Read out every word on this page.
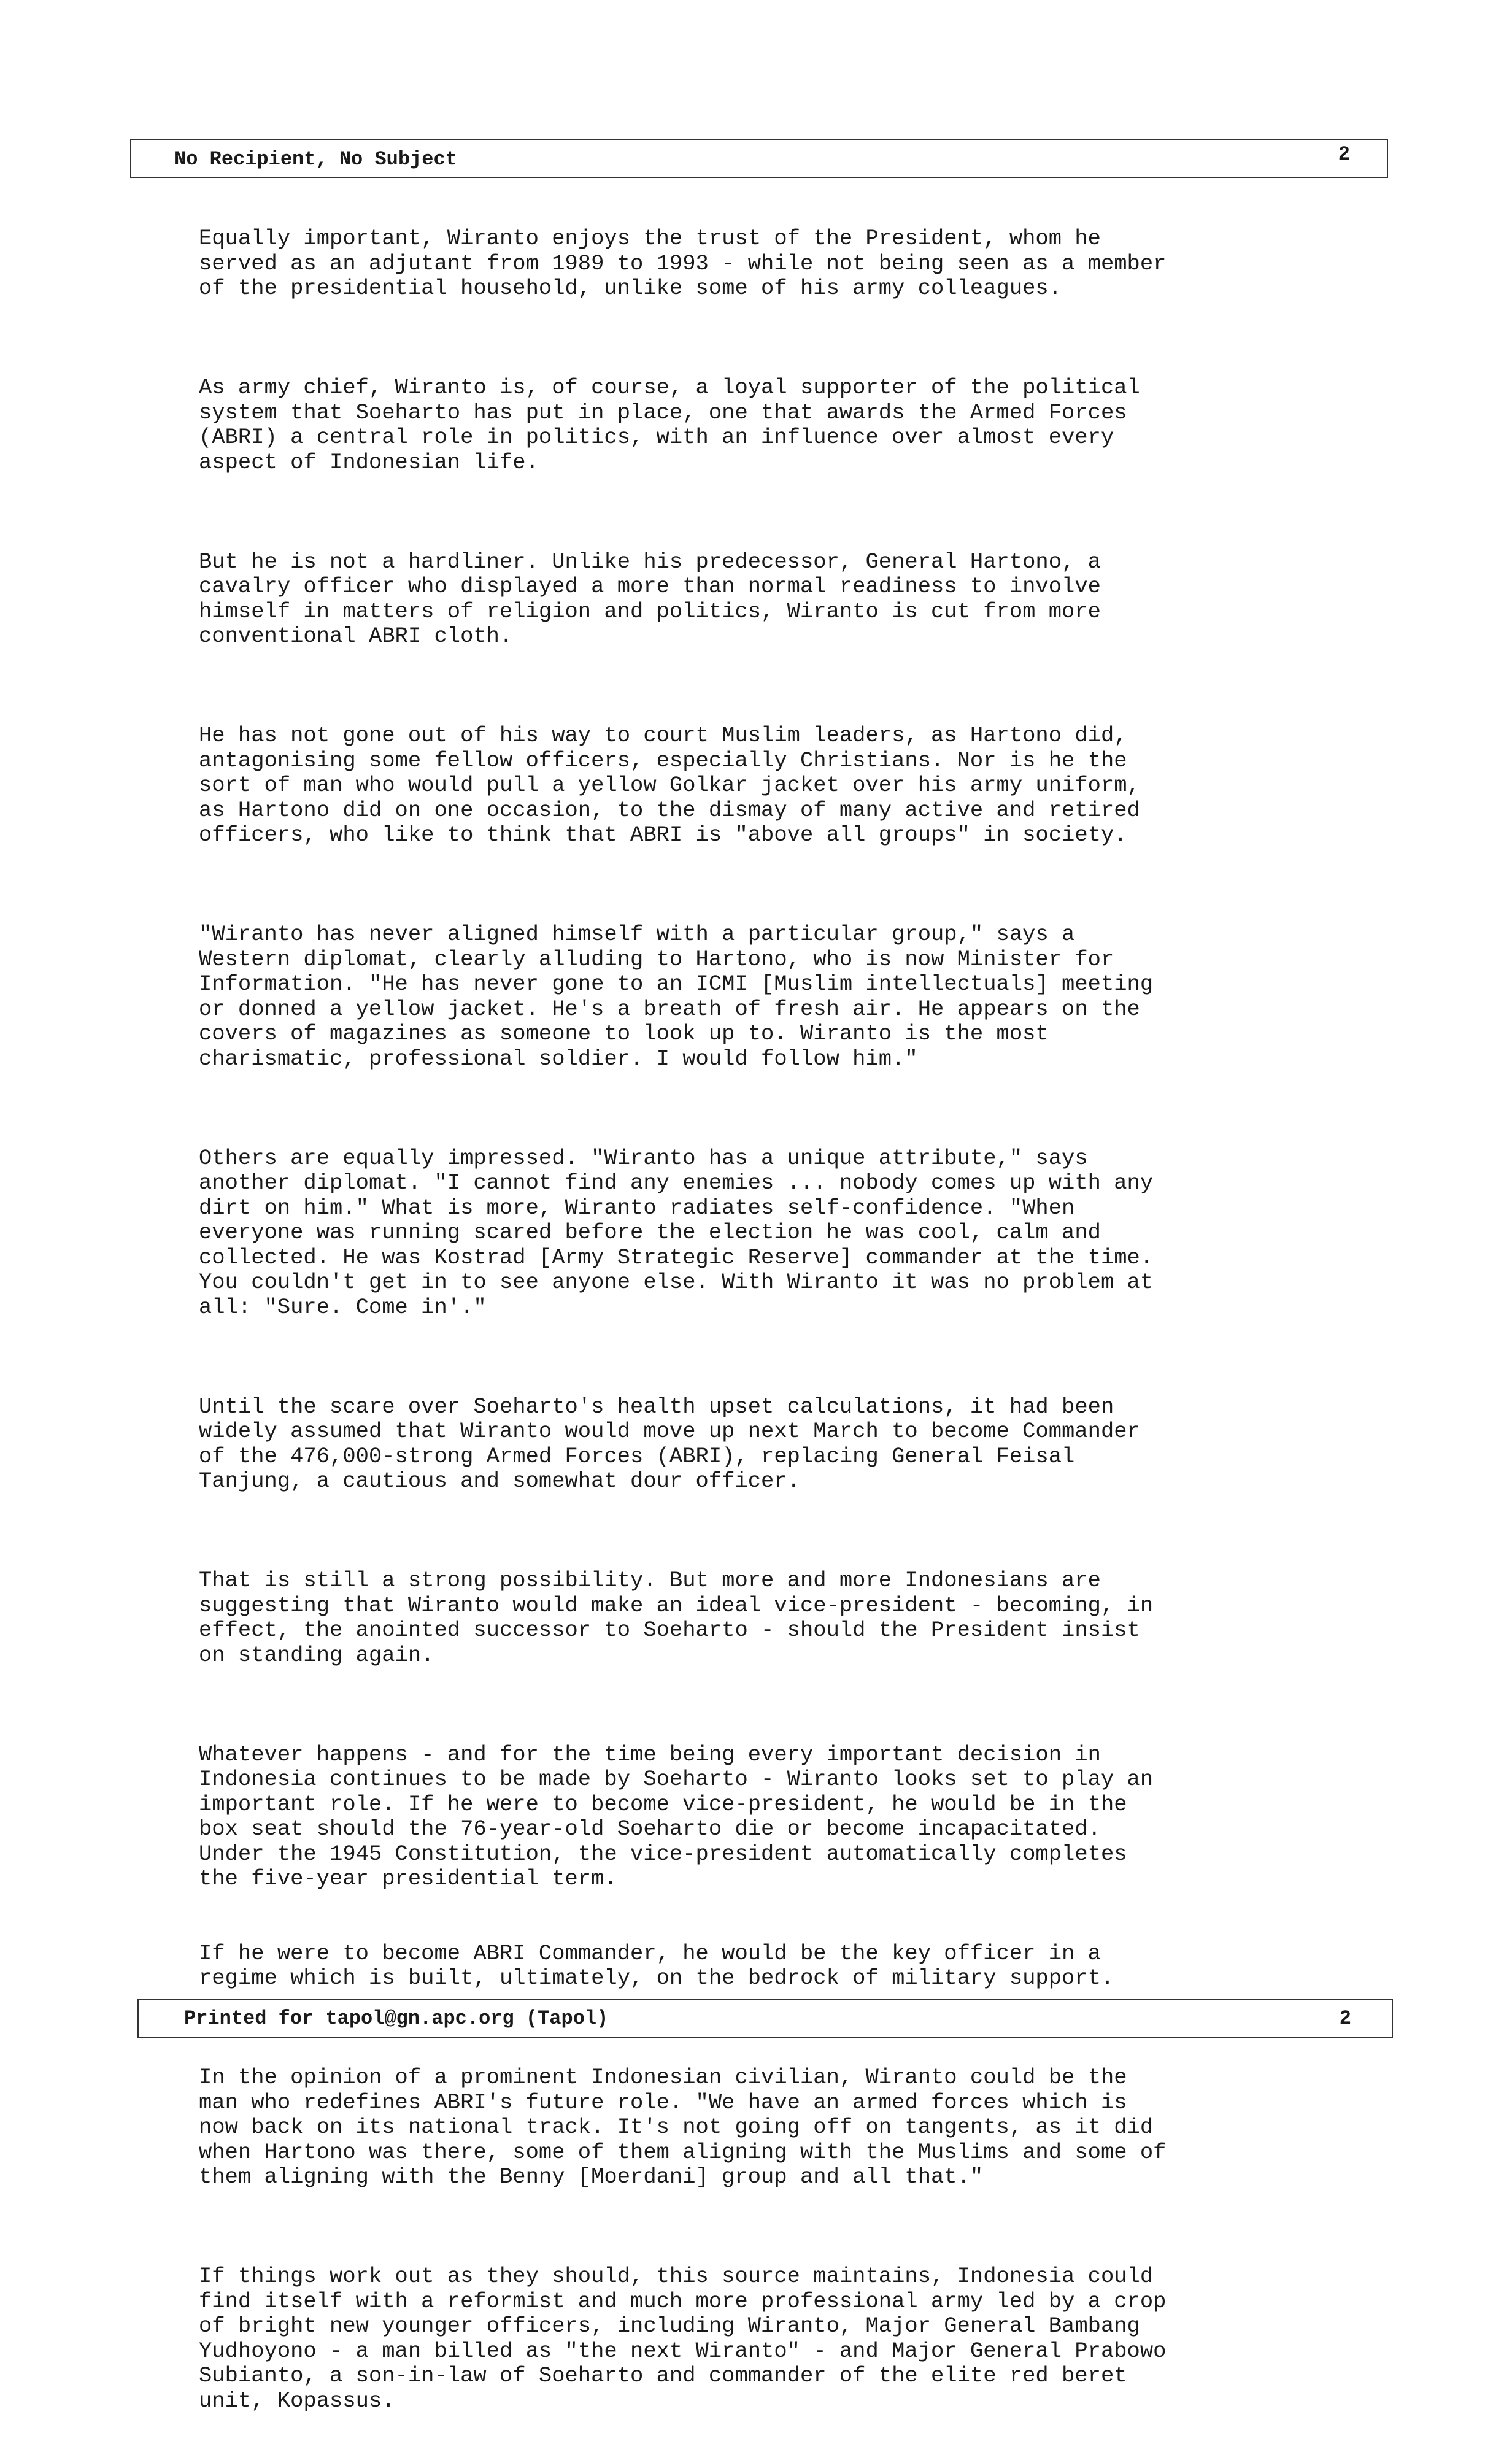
No Recipient, No Subject	2

Equally important, Wiranto enjoys the trust of the President, whom he served as an adjutant from 1989 to 1993 - while not being seen as a member of the presidential household, unlike some of his army colleagues.

As army chief, Wiranto is, of course, a loyal supporter of the political system that Soeharto has put in place, one that awards the Armed Forces (ABRI) a central role in politics, with an influence over almost every aspect of Indonesian life.

But he is not a hardliner. Unlike his predecessor, General Hartono, a cavalry officer who displayed a more than normal readiness to involve himself in matters of religion and politics, Wiranto is cut from more conventional ABRI cloth.

He has not gone out of his way to court Muslim leaders, as Hartono did, antagonising some fellow officers, especially Christians. Nor is he the sort of man who would pull a yellow Golkar jacket over his army uniform, as Hartono did on one occasion, to the dismay of many active and retired officers, who like to think that ABRI is "above all groups" in society.

"Wiranto has never aligned himself with a particular group," says a Western diplomat, clearly alluding to Hartono, who is now Minister for Information. "He has never gone to an ICMI [Muslim intellectuals] meeting or donned a yellow jacket. He's a breath of fresh air. He appears on the covers of magazines as someone to look up to. Wiranto is the most charismatic, professional soldier. I would follow him."

Others are equally impressed. "Wiranto has a unique attribute," says another diplomat. "I cannot find any enemies ... nobody comes up with any dirt on him." What is more, Wiranto radiates self-confidence. "When everyone was running scared before the election he was cool, calm and collected. He was Kostrad [Army Strategic Reserve] commander at the time. You couldn't get in to see anyone else. With Wiranto it was no problem at all: "Sure. Come in'."

Until the scare over Soeharto's health upset calculations, it had been widely assumed that Wiranto would move up next March to become Commander of the 476,000-strong Armed Forces (ABRI), replacing General Feisal Tanjung, a cautious and somewhat dour officer.

That is still a strong possibility. But more and more Indonesians are suggesting that Wiranto would make an ideal vice-president - becoming, in effect, the anointed successor to Soeharto - should the President insist on standing again.

Whatever happens - and for the time being every important decision in Indonesia continues to be made by Soeharto - Wiranto looks set to play an important role. If he were to become vice-president, he would be in the box seat should the 76-year-old Soeharto die or become incapacitated. Under the 1945 Constitution, the vice-president automatically completes the five-year presidential term.

If he were to become ABRI Commander, he would be the key officer in a regime which is built, ultimately, on the bedrock of military support.

In the opinion of a prominent Indonesian civilian, Wiranto could be the man who redefines ABRI's future role. "We have an armed forces which is now back on its national track. It's not going off on tangents, as it did when Hartono was there, some of them aligning with the Muslims and some of them aligning with the Benny [Moerdani] group and all that."

If things work out as they should, this source maintains, Indonesia could find itself with a reformist and much more professional army led by a crop of bright new younger officers, including Wiranto, Major General Bambang Yudhoyono - a man billed as "the next Wiranto" - and Major General Prabowo Subianto, a son-in-law of Soeharto and commander of the elite red beret unit, Kopassus.

Printed for tapol@gn.apc.org (Tapol)	2
